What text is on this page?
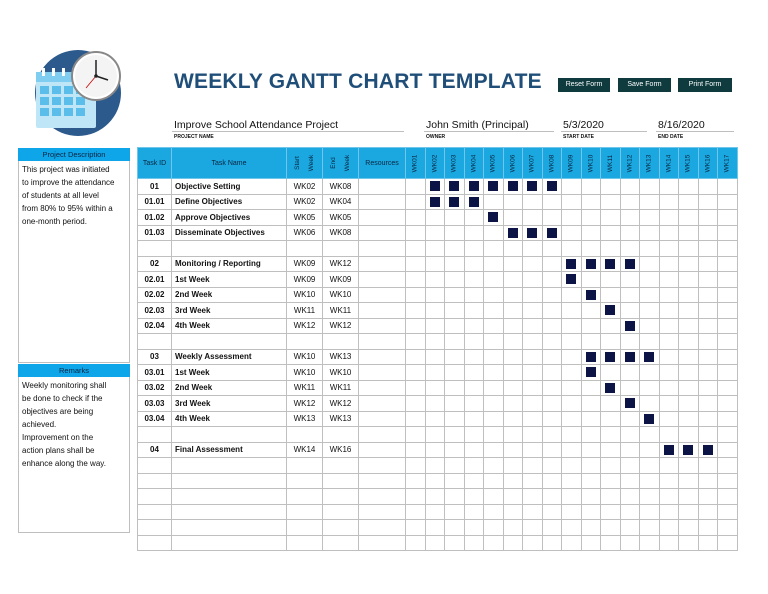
WEEKLY GANTT CHART TEMPLATE	Reset Form	Save Form	Print Form
Improve School Attendance Project
PROJECT NAME
John Smith (Principal)
OWNER
5/3/2020
START DATE
8/16/2020
END DATE
Project Description
This project was initiated
to improve the attendance
of students at all level
from 80% to 95% within a
one-month period.
Remarks
Weekly monitoring shall
be done to check if the
objectives are being
achieved.
Improvement on the
action plans shall be
enhance along the way.
Task ID	Task Name	Start Week	End Week	Resources	WK01	WK02	WK03	WK04	WK05	WK06	WK07	WK08	WK09	WK10	WK11	WK12	WK13	WK14	WK15	WK16	WK17
01	Objective Setting	WK02	WK08																		
01.01	Define Objectives	WK02	WK04																		
01.02	Approve Objectives	WK05	WK05																		
01.03	Disseminate Objectives	WK06	WK08																		

02	Monitoring / Reporting	WK09	WK12																		
02.01	1st Week	WK09	WK09																		
02.02	2nd Week	WK10	WK10																		
02.03	3rd Week	WK11	WK11																		
02.04	4th Week	WK12	WK12																		

03	Weekly Assessment	WK10	WK13																		
03.01	1st Week	WK10	WK10																		
03.02	2nd Week	WK11	WK11																		
03.03	3rd Week	WK12	WK12																		
03.04	4th Week	WK13	WK13																		

04	Final Assessment	WK14	WK16																		
